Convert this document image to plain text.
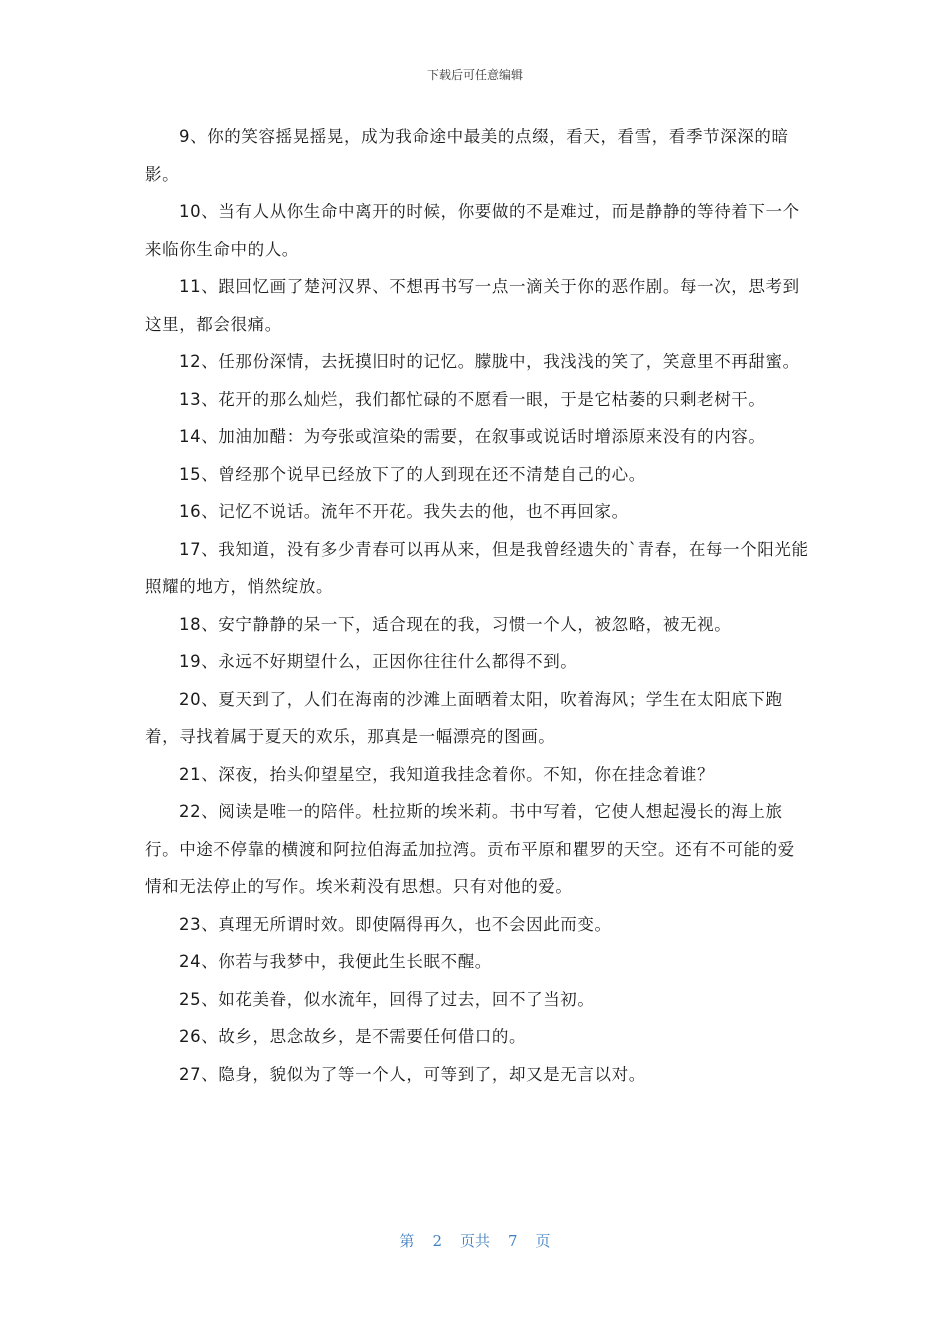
下载后可任意编辑

9、你的笑容摇晃摇晃，成为我命途中最美的点缀，看天，看雪，看季节深深的暗影。

10、当有人从你生命中离开的时候，你要做的不是难过，而是静静的等待着下一个来临你生命中的人。

11、跟回忆画了楚河汉界、不想再书写一点一滴关于你的恶作剧。每一次，思考到这里，都会很痛。

12、任那份深情，去抚摸旧时的记忆。朦胧中，我浅浅的笑了，笑意里不再甜蜜。

13、花开的那么灿烂，我们都忙碌的不愿看一眼，于是它枯萎的只剩老树干。

14、加油加醋：为夸张或渲染的需要，在叙事或说话时增添原来没有的内容。

15、曾经那个说早已经放下了的人到现在还不清楚自己的心。

16、记忆不说话。流年不开花。我失去的他，也不再回家。

17、我知道，没有多少青春可以再从来，但是我曾经遗失的`青春，在每一个阳光能照耀的地方，悄然绽放。

18、安宁静静的呆一下，适合现在的我，习惯一个人，被忽略，被无视。

19、永远不好期望什么，正因你往往什么都得不到。

20、夏天到了，人们在海南的沙滩上面晒着太阳，吹着海风；学生在太阳底下跑着，寻找着属于夏天的欢乐，那真是一幅漂亮的图画。

21、深夜，抬头仰望星空，我知道我挂念着你。不知，你在挂念着谁？

22、阅读是唯一的陪伴。杜拉斯的埃米莉。书中写着，它使人想起漫长的海上旅行。中途不停靠的横渡和阿拉伯海孟加拉湾。贡布平原和瞿罗的天空。还有不可能的爱情和无法停止的写作。埃米莉没有思想。只有对他的爱。

23、真理无所谓时效。即使隔得再久，也不会因此而变。

24、你若与我梦中，我便此生长眠不醒。

25、如花美眷，似水流年，回得了过去，回不了当初。

26、故乡，思念故乡，是不需要任何借口的。

27、隐身，貌似为了等一个人，可等到了，却又是无言以对。

第 2 页共 7 页
